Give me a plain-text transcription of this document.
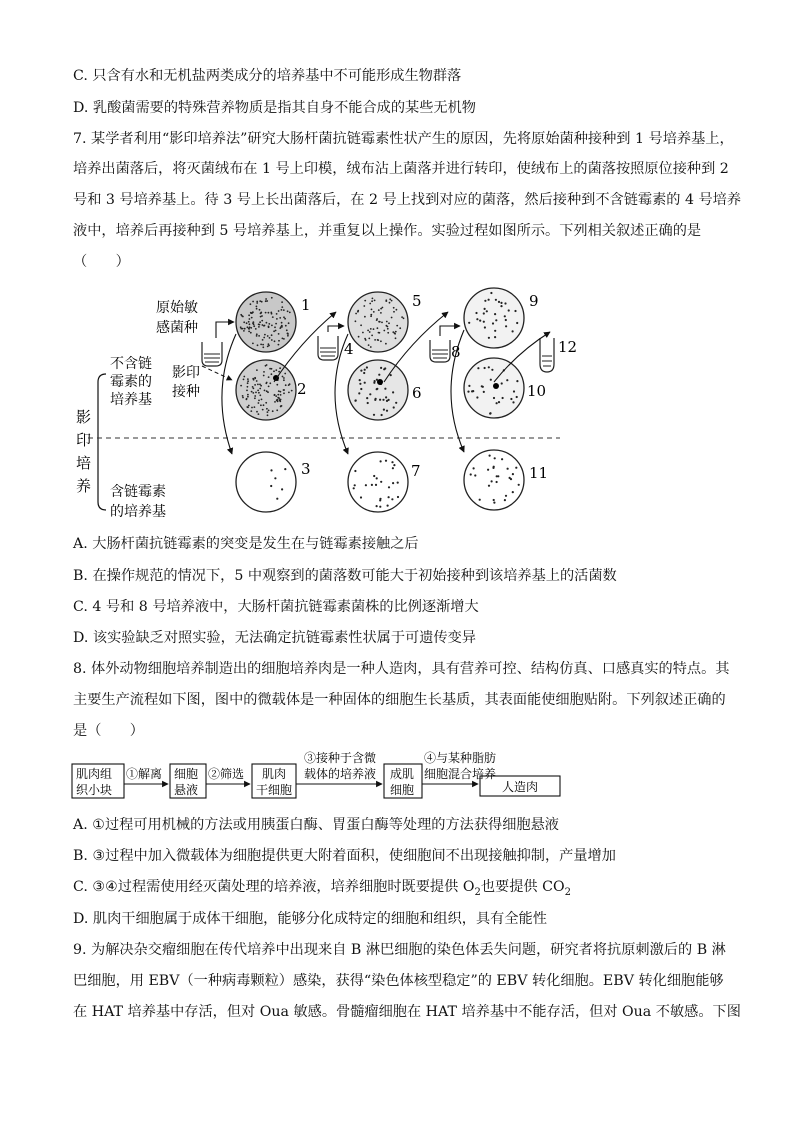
C. 只含有水和无机盐两类成分的培养基中不可能形成生物群落
D. 乳酸菌需要的特殊营养物质是指其自身不能合成的某些无机物
7. 某学者利用“影印培养法”研究大肠杆菌抗链霉素性状产生的原因，先将原始菌种接种到 1 号培养基上，
培养出菌落后，将灭菌绒布在 1 号上印模，绒布沾上菌落并进行转印，使绒布上的菌落按照原位接种到 2
号和 3 号培养基上。待 3 号上长出菌落后，在 2 号上找到对应的菌落，然后接种到不含链霉素的 4 号培养
液中，培养后再接种到 5 号培养基上，并重复以上操作。实验过程如图所示。下列相关叙述正确的是
（　　）
原始敏
感菌种
不含链
霉素的
培养基
影印
接种
影
印
培
养 含链霉素
的培养基
1
2
3
4
5
6
7
8
9
10
11
12
A. 大肠杆菌抗链霉素的突变是发生在与链霉素接触之后
B. 在操作规范的情况下，5 中观察到的菌落数可能大于初始接种到该培养基上的活菌数
C. 4 号和 8 号培养液中，大肠杆菌抗链霉素菌株的比例逐渐增大
D. 该实验缺乏对照实验，无法确定抗链霉素性状属于可遗传变异
8. 体外动物细胞培养制造出的细胞培养肉是一种人造肉，具有营养可控、结构仿真、口感真实的特点。其
主要生产流程如下图，图中的微载体是一种固体的细胞生长基质，其表面能使细胞贴附。下列叙述正确的
是（　　）
肌肉组
织小块
①解离 细胞
悬液
②筛选 肌肉
干细胞
③接种于含微
载体的培养液 成肌
细胞
④与某种脂肪
细胞混合培养
人造肉
A. ①过程可用机械的方法或用胰蛋白酶、胃蛋白酶等处理的方法获得细胞悬液
B. ③过程中加入微载体为细胞提供更大附着面积，使细胞间不出现接触抑制，产量增加
C. ③④过程需使用经灭菌处理的培养液，培养细胞时既要提供 $O_2$也要提供 $CO_2$
D. 肌肉干细胞属于成体干细胞，能够分化成特定的细胞和组织，具有全能性
9. 为解决杂交瘤细胞在传代培养中出现来自 B 淋巴细胞的染色体丢失问题，研究者将抗原刺激后的 B 淋
巴细胞，用 EBV（一种病毒颗粒）感染，获得“染色体核型稳定”的 EBV 转化细胞。EBV 转化细胞能够
在 HAT 培养基中存活，但对 Oua 敏感。骨髓瘤细胞在 HAT 培养基中不能存活，但对 Oua 不敏感。下图
